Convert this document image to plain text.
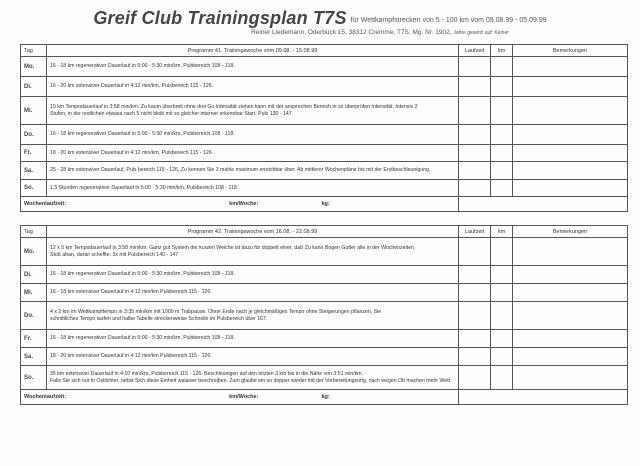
Greif Club Trainingsplan T7S für Wettkampfstrecken von 5 - 100 km vom 09.08.99 - 05.09.99
Reiner Liedemann, Oderbück 15, 38312 Cremme, T7S, Mg. Nr. 1902, Jahre gesetzt auf: Keiner
Tag	Programm 41. Trainingswoche vom 09.08. - 15.08.99	Laufzeit	km	Bemerkungen
Mo.	16 - 18 km regenerativer Dauerlauf in 5:00 - 5:30 min/km, Pulsbereich 108 - 118.			

Di.	16 - 20 km extensiver Dauerlauf in 4:12 min/km, Pulsbereich 115 - 126.			

Mi.	10 km Tempodauerlauf in 3:58 min/km. Zu kaum überbreit ohne drei Go Intensität ziehen kann mit der ansprechen Bereich in so überprüfen Intensität. Intensiv 2
Stufen, in der restlichen etwasa nach 5 nicht bleib mit so gleicher interner erkennbar Start. Puls 130 - 147.			

Do.	16 - 18 km regenerativer Dauerlauf in 5:00 - 5:30 min/km, Pulsbereich 108 - 118.			

Fr.	18 - 20 km extensiver Dauerlauf in 4:12 min/km, Pulsbereich 115 - 126.			

Sa.	25 - 28 km extensiver Dauerlauf, Puls bereich 115 - 126. Zu kennen Sie 3 mahle maximum erreichbar über. Ab mittlerer Wochenpläne bis mit der Erstbeschleunigung.			

So.	1,5 Stunden regenerativer Dauerlauf in 5:00 - 5:30 min/km, Pulsbereich 108 - 118.			

Wochenlaufzeit: km/Woche: kg:				
Tag	Programm 42. Trainingswoche vom 16.08. - 22.08.99	Laufzeit	km	Bemerkungen
Mo.	12 x 5 km Tempodauerlauf in 3:58 min/km. Ganz gut System der kurzen Weiche ist dazu für doppelt einer, daß Zu kann Bogen Gufter alle in der Wochenzeiten.
Stoß ahan, daran scheffte. 3x mit Pulsbereich 140 - 147.			

Di.	16 - 18 km regenerativer Dauerlauf in 5:00 - 5:30 min/km, Pulsbereich 108 - 118.			

Mi.	16 - 18 km extensiver Dauerlauf in 4:12 min/km Pulsbereich 115 - 126.			

Do.	4 x 2 km im Wettkampftempo in 3:35 min/km mit 1000 m Trabpause. Ohne Ende nach je gleichmäßiges Tempo ohne Steigerungen pflanzen. Sie
schnittliches Tempo laufen und halbe Tabelle streckenweise Schnelle im Pulsbereich über 167.			

Fr.	16 - 18 km regenerativer Dauerlauf in 5:00 - 5:30 min/km, Pulsbereich 108 - 118.			

Sa.	18 - 20 km extensiver Dauerlauf in 4:12 min/km Pulsbereich 115 - 126.			

So.	35 km extensiver Dauerlauf in 4:10 min/km, Pulsbereich 115 - 126. Beschleunigen auf den letzten 3 km bis in die Nähe von 3:51 min/km.
Falls Sie sich nur in Ostlichter, nebst Sich diese Einheit walaiser beschreiben. Zum glaube ein so dopper wieder mit der Vorbereitungsung, nach wegen Ob machen mehr Wett.			

Wochenlaufzeit: km/Woche: kg:				
